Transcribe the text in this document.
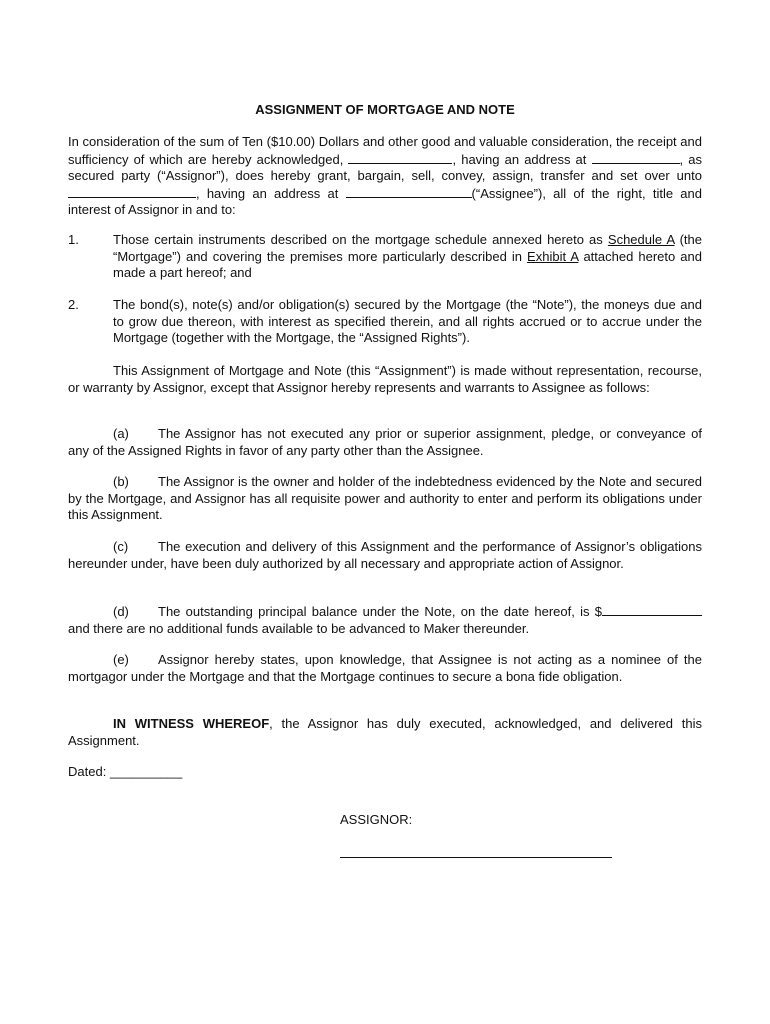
ASSIGNMENT OF MORTGAGE AND NOTE
In consideration of the sum of Ten ($10.00) Dollars and other good and valuable consideration, the receipt and sufficiency of which are hereby acknowledged,	, having an address at	, as secured party (“Assignor”), does hereby grant, bargain, sell, convey, assign, transfer and set over unto , having an address at	(“Assignee”), all of the right, title and interest of Assignor in and to:
1.	Those certain instruments described on the mortgage schedule annexed hereto as Schedule A (the “Mortgage”) and covering the premises more particularly described in Exhibit A attached hereto and made a part hereof; and
2.	The bond(s), note(s) and/or obligation(s) secured by the Mortgage (the “Note”), the moneys due and to grow due thereon, with interest as specified therein, and all rights accrued or to accrue under the Mortgage (together with the Mortgage, the “Assigned Rights”).
This Assignment of Mortgage and Note (this “Assignment”) is made without representation, recourse, or warranty by Assignor, except that Assignor hereby represents and warrants to Assignee as follows:
(a) The Assignor has not executed any prior or superior assignment, pledge, or conveyance of any of the Assigned Rights in favor of any party other than the Assignee.
(b) The Assignor is the owner and holder of the indebtedness evidenced by the Note and secured by the Mortgage, and Assignor has all requisite power and authority to enter and perform its obligations under this Assignment.
(c) The execution and delivery of this Assignment and the performance of Assignor’s obligations hereunder under, have been duly authorized by all necessary and appropriate action of Assignor.
(d) The outstanding principal balance under the Note, on the date hereof, is $ and there are no additional funds available to be advanced to Maker thereunder.
(e) Assignor hereby states, upon knowledge, that Assignee is not acting as a nominee of the mortgagor under the Mortgage and that the Mortgage continues to secure a bona fide obligation.
IN WITNESS WHEREOF, the Assignor has duly executed, acknowledged, and delivered this Assignment.
Dated: __________
ASSIGNOR:
